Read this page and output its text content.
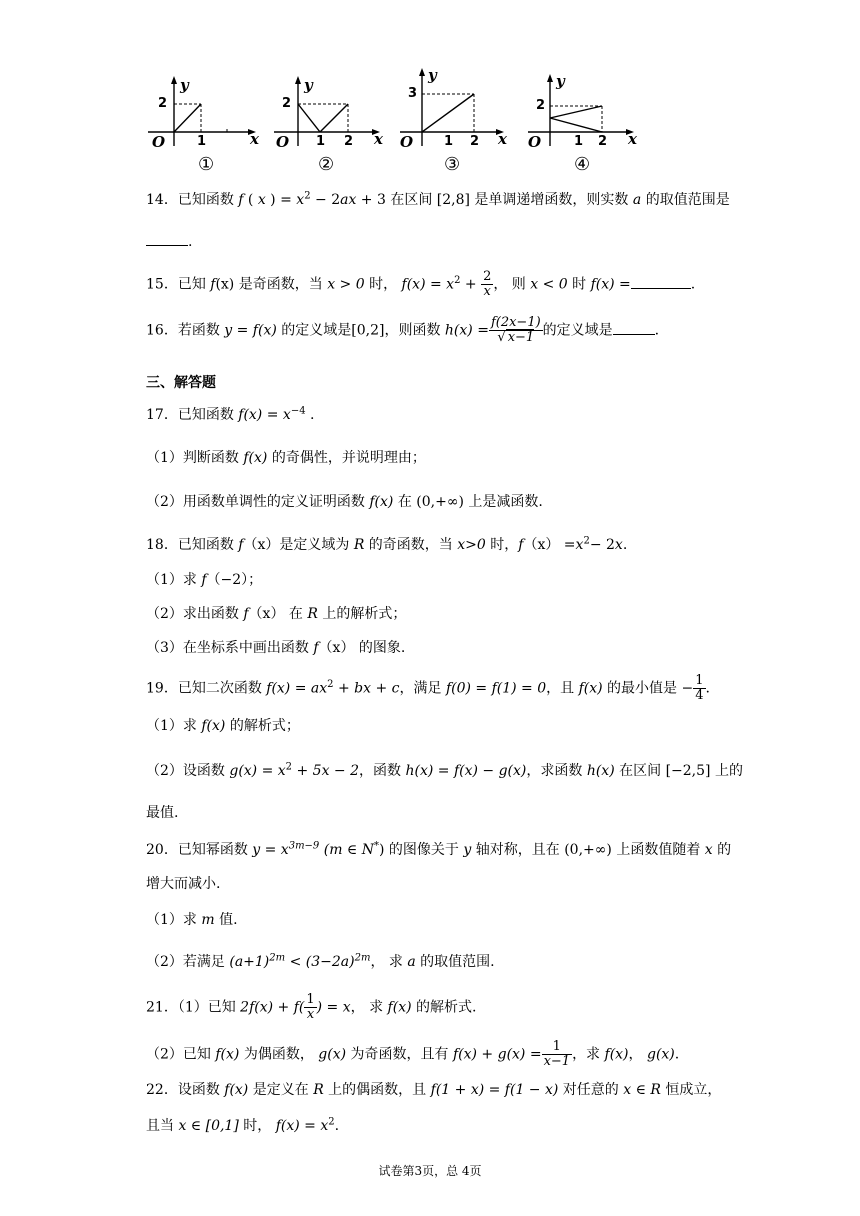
y
x
O
2
1
①
y
x
O
2
1 2
②
y
x
O
3
1 2
③
y
x
O
2
1 2
④
14．已知函数 f ( x ) = $x^2 - 2ax + 3$ 在区间 [2,8] 是单调递增函数，则实数 a 的取值范围是
.
15．已知 f(x) 是奇函数，当 x > 0 时， $f(x) = x^2 + \frac{2}{x}$ ， 则 x < 0 时 f(x) =	.
16．若函数 y = f(x) 的定义域是[0,2]，则函数 $h(x) = \frac{f(2x-1)}{√ x-1}$ 的定义域是	.
三、解答题
17．已知函数 $f(x) = x^{-4}$ .
（1）判断函数 f(x) 的奇偶性，并说明理由；
（2）用函数单调性的定义证明函数 f(x) 在 (0,+∞) 上是减函数.
18．已知函数 f（x）是定义域为 R 的奇函数，当 x>0 时，$f(x) =x^2- 2x$.
（1）求 f（−2）；
（2）求出函数 f（x） 在 R 上的解析式；
（3）在坐标系中画出函数 f（x） 的图象.
19．已知二次函数 $f(x) = ax^2$ + bx + c，满足 f(0) = f(1) = 0，且 f(x) 的最小值是 − $\frac{1}{4}$ .
（1）求 f(x) 的解析式；
（2）设函数 $g(x) = x^2 + 5x - 2$，函数 h(x) = f(x) − g(x)，求函数 h(x) 在区间 [−2,5] 上的
最值.
20．已知幂函数 $y = x^{3m-9}$ (m ∈ N*) 的图像关于 y 轴对称，且在 (0,+∞) 上函数值随着 x 的
增大而减小.
（1）求 m 值.
（2）若满足 $(a+1)^{2m} < (3-2a)^{2m}$， 求 a 的取值范围.
21．（1）已知 $2f(x) + f( \frac{1}{x}$ ) = x， 求 f(x) 的解析式.
（2）已知 f(x) 为偶函数， g(x) 为奇函数，且有 $f(x) + g(x) = \frac{1}{x-1}$ ，求 f(x)， g(x).
22．设函数 f(x) 是定义在 R 上的偶函数，且 f(1 + x) = f(1 − x) 对任意的 x ∈ R 恒成立，
且当 x ∈ [0,1] 时， $f(x) = x^2$.
试卷第3页，总 4页
